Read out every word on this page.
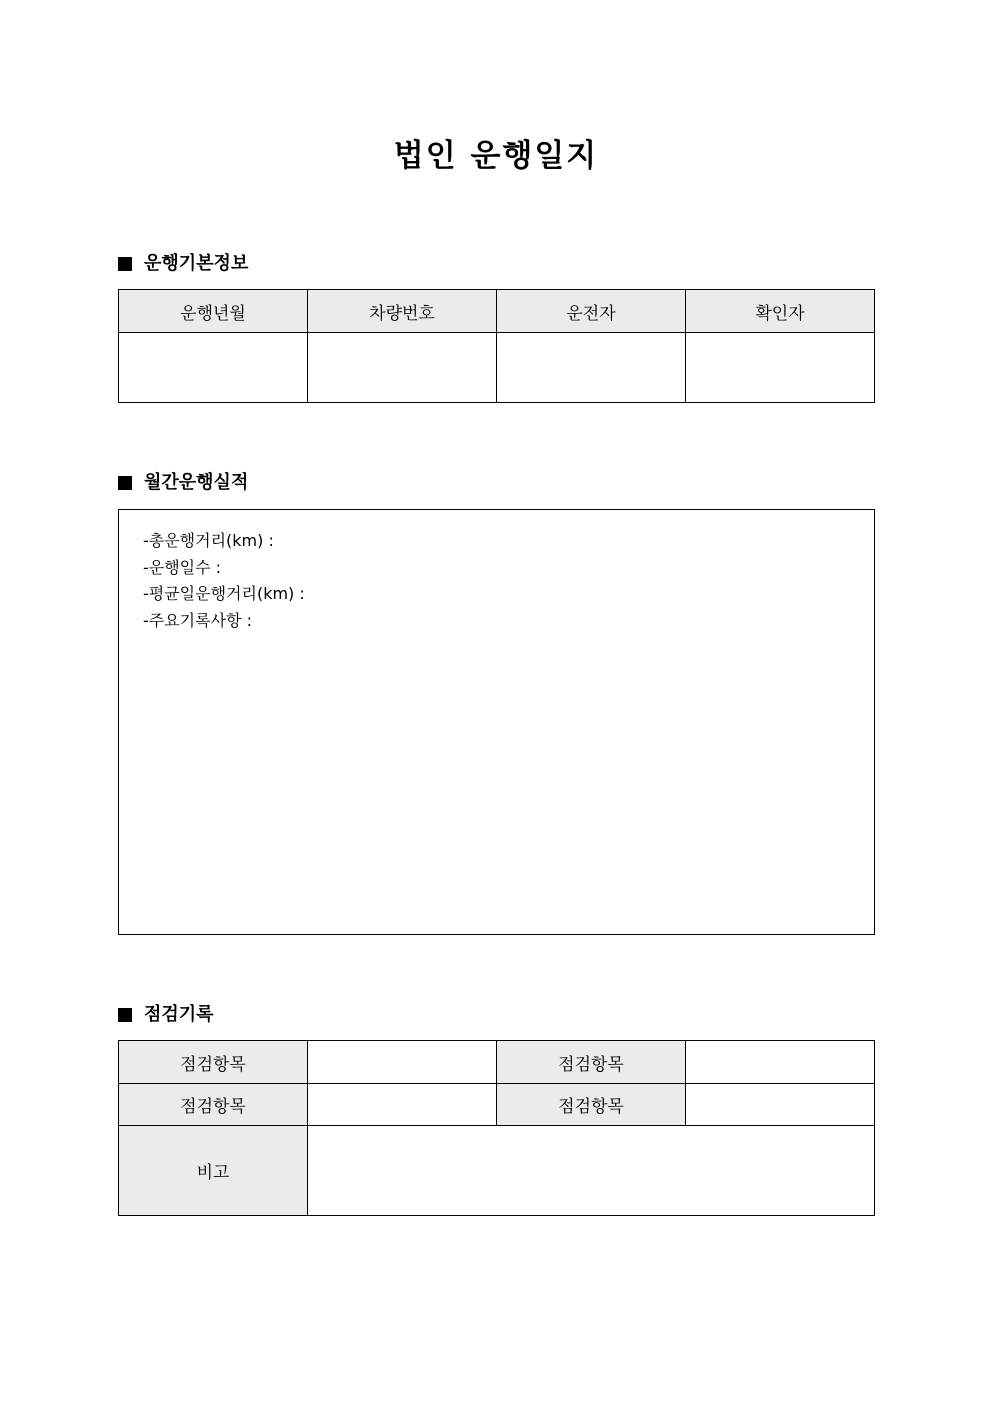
법인 운행일지
운행기본정보
운행년월	차량번호	운전자	확인자

월간운행실적
-총운행거리(km) :
-운행일수 :
-평균일운행거리(km) :
-주요기록사항 :
점검기록
점검항목		점검항목	
점검항목		점검항목	
비고			
